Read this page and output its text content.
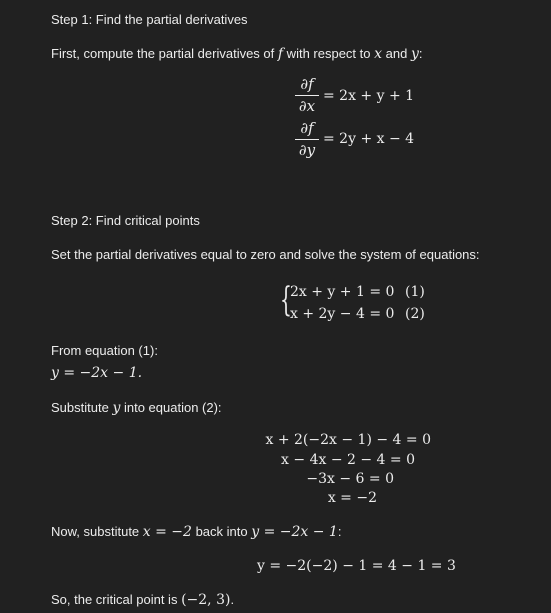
Step 1: Find the partial derivatives
First, compute the partial derivatives of f with respect to x and y:
∂f
∂x
= 2x + y + 1
∂f
∂y
= 2y + x − 4
Step 2: Find critical points
Set the partial derivatives equal to zero and solve the system of equations:
{
2x + y + 1 = 0 (1)
x + 2y − 4 = 0 (2)
From equation (1):
y = −2x − 1.
Substitute y into equation (2):
x + 2(−2x − 1) − 4 = 0
x − 4x − 2 − 4 = 0
−3x − 6 = 0
x = −2
Now, substitute x = −2 back into y = −2x − 1:
y = −2(−2) − 1 = 4 − 1 = 3
So, the critical point is (−2, 3).
